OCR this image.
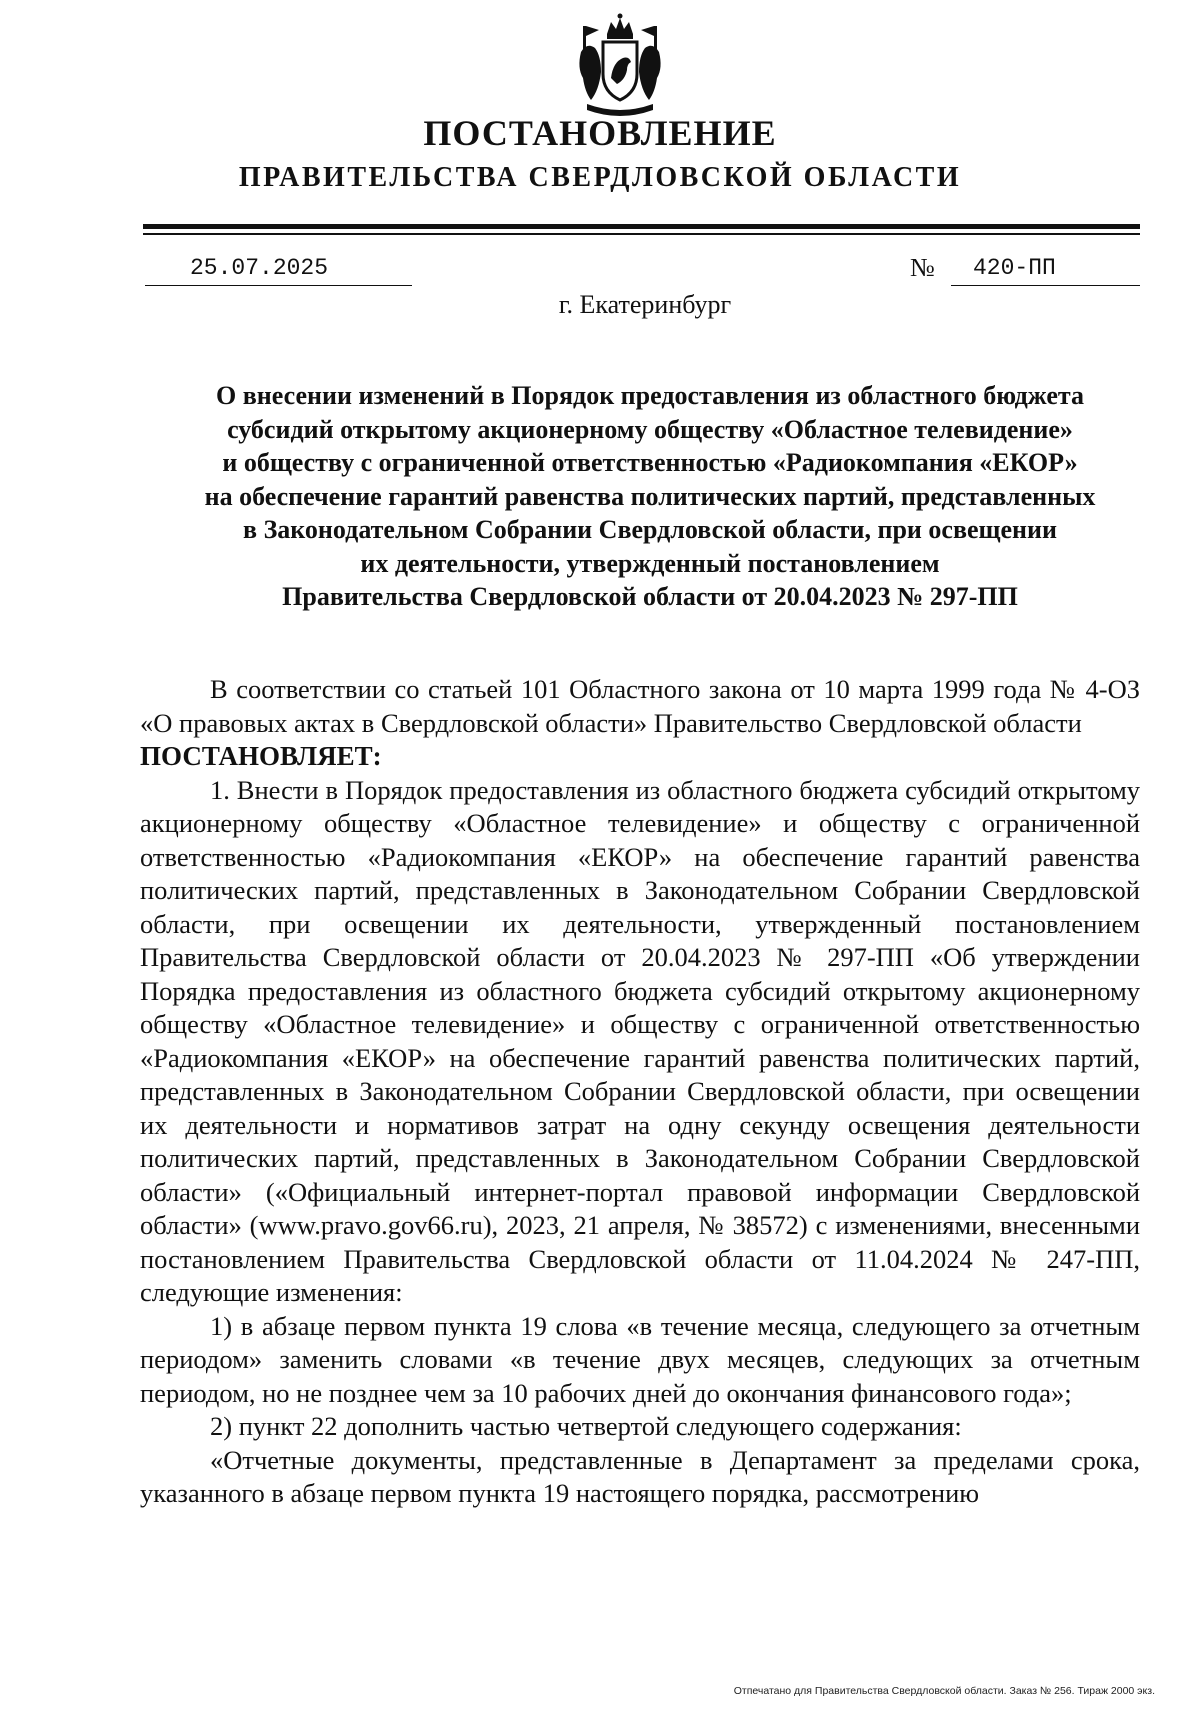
ПОСТАНОВЛЕНИЕ
ПРАВИТЕЛЬСТВА СВЕРДЛОВСКОЙ ОБЛАСТИ
25.07.2025	№	420-ПП
г. Екатеринбург
О внесении изменений в Порядок предоставления из областного бюджета
субсидий открытому акционерному обществу «Областное телевидение»
и обществу с ограниченной ответственностью «Радиокомпания «ЕКОР»
на обеспечение гарантий равенства политических партий, представленных
в Законодательном Собрании Свердловской области, при освещении
их деятельности, утвержденный постановлением
Правительства Свердловской области от 20.04.2023 № 297-ПП

В соответствии со статьей 101 Областного закона от 10 марта 1999 года № 4-ОЗ «О правовых актах в Свердловской области» Правительство Свердловской области

ПОСТАНОВЛЯЕТ:

1. Внести в Порядок предоставления из областного бюджета субсидий открытому акционерному обществу «Областное телевидение» и обществу с ограниченной ответственностью «Радиокомпания «ЕКОР» на обеспечение гарантий равенства политических партий, представленных в Законодательном Собрании Свердловской области, при освещении их деятельности, утвержденный постановлением Правительства Свердловской области от 20.04.2023 № 297-ПП «Об утверждении Порядка предоставления из областного бюджета субсидий открытому акционерному обществу «Областное телевидение» и обществу с ограниченной ответственностью «Радиокомпания «ЕКОР» на обеспечение гарантий равенства политических партий, представленных в Законодательном Собрании Свердловской области, при освещении их деятельности и нормативов затрат на одну секунду освещения деятельности политических партий, представленных в Законодательном Собрании Свердловской области» («Официальный интернет-портал правовой информации Свердловской области» (www.pravo.gov66.ru), 2023, 21 апреля, № 38572) с изменениями, внесенными постановлением Правительства Свердловской области от 11.04.2024 № 247-ПП, следующие изменения:

1) в абзаце первом пункта 19 слова «в течение месяца, следующего за отчетным периодом» заменить словами «в течение двух месяцев, следующих за отчетным периодом, но не позднее чем за 10 рабочих дней до окончания финансового года»;

2) пункт 22 дополнить частью четвертой следующего содержания:

«Отчетные документы, представленные в Департамент за пределами срока, указанного в абзаце первом пункта 19 настоящего порядка, рассмотрению

Отпечатано для Правительства Свердловской области. Заказ № 256. Тираж 2000 экз.
